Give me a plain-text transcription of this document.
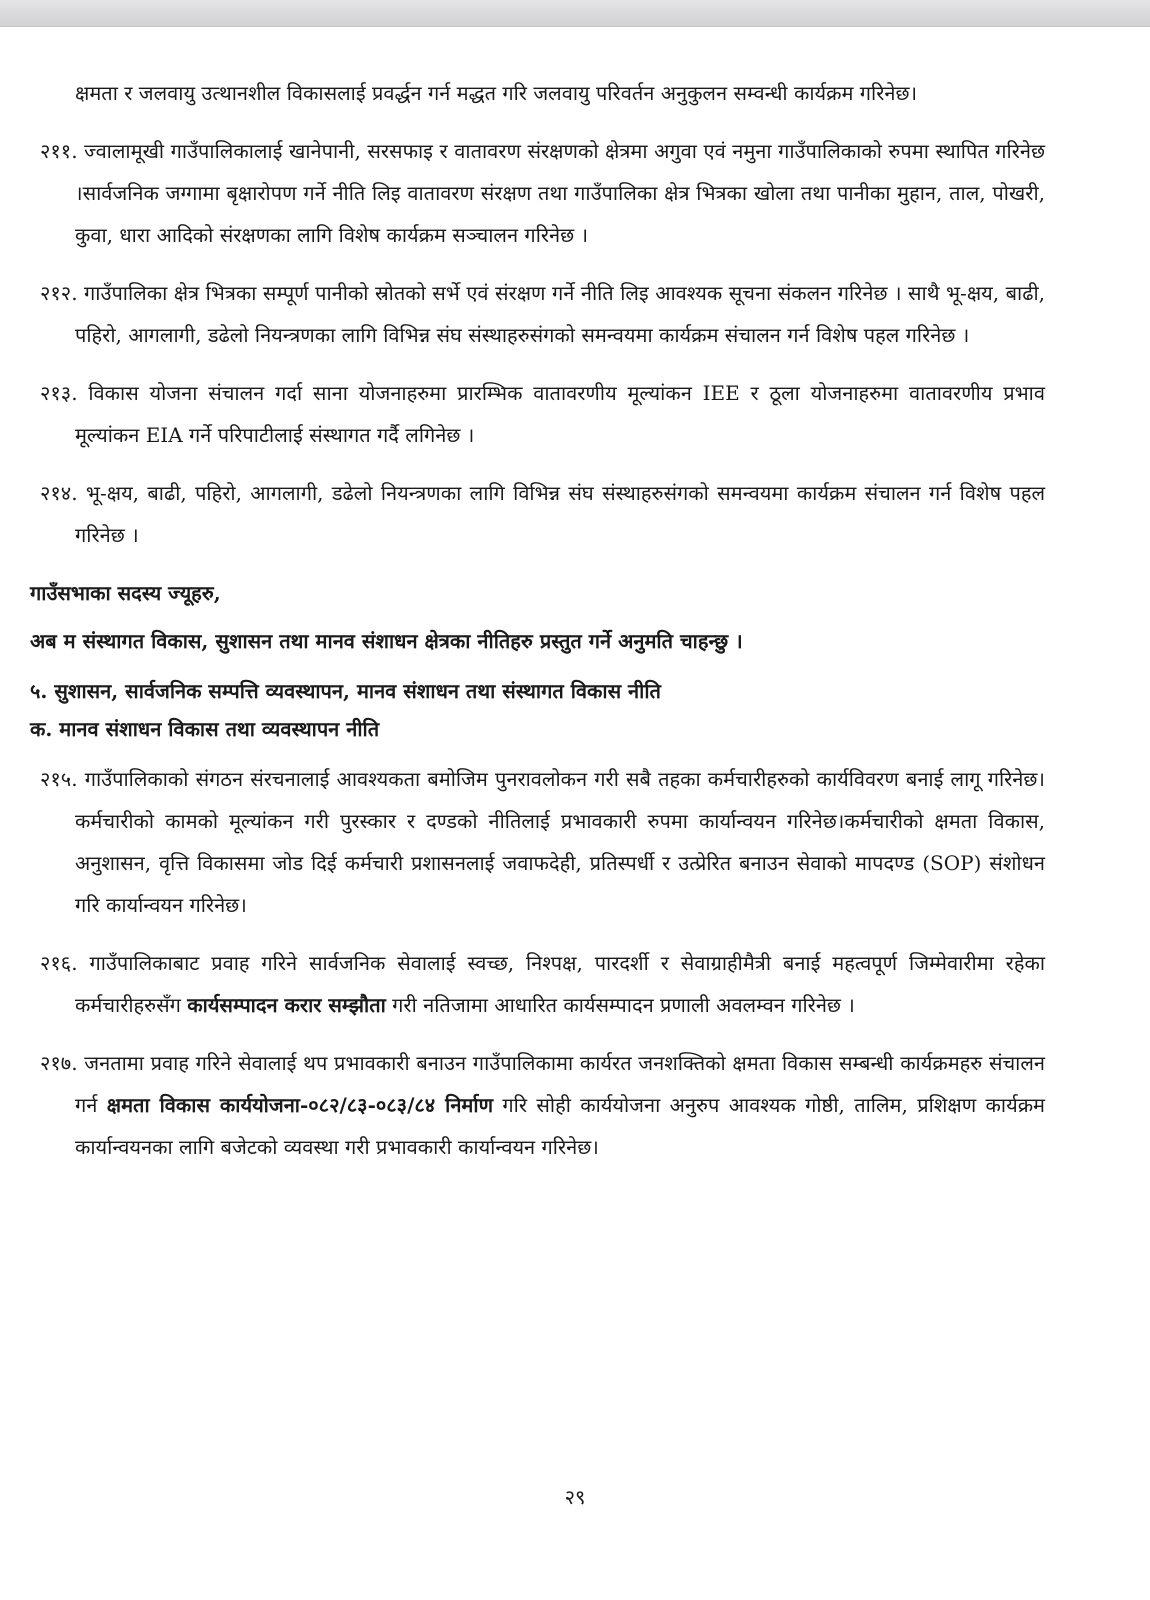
क्षमता र जलवायु उत्थानशील विकासलाई प्रवर्द्धन गर्न मद्धत गरि जलवायु परिवर्तन अनुकुलन सम्वन्धी कार्यक्रम गरिनेछ।

२११. ज्वालामूखी गाउँपालिकालाई खानेपानी, सरसफाइ र वातावरण संरक्षणको क्षेत्रमा अगुवा एवं नमुना गाउँपालिकाको रुपमा स्थापित गरिनेछ ।सार्वजनिक जग्गामा बृक्षारोपण गर्ने नीति लिइ वातावरण संरक्षण तथा गाउँपालिका क्षेत्र भित्रका खोला तथा पानीका मुहान, ताल, पोखरी, कुवा, धारा आदिको संरक्षणका लागि विशेष कार्यक्रम सञ्चालन गरिनेछ ।

२१२. गाउँपालिका क्षेत्र भित्रका सम्पूर्ण पानीको स्रोतको सर्भे एवं संरक्षण गर्ने नीति लिइ आवश्यक सूचना संकलन गरिनेछ । साथै भू-क्षय, बाढी, पहिरो, आगलागी, डढेलो नियन्त्रणका लागि विभिन्न संघ संस्थाहरुसंगको समन्वयमा कार्यक्रम संचालन गर्न विशेष पहल गरिनेछ ।

२१३. विकास योजना संचालन गर्दा साना योजनाहरुमा प्रारम्भिक वातावरणीय मूल्यांकन IEE र ठूला योजनाहरुमा वातावरणीय प्रभाव मूल्यांकन EIA गर्ने परिपाटीलाई संस्थागत गर्दै लगिनेछ ।

२१४. भू-क्षय, बाढी, पहिरो, आगलागी, डढेलो नियन्त्रणका लागि विभिन्न संघ संस्थाहरुसंगको समन्वयमा कार्यक्रम संचालन गर्न विशेष पहल गरिनेछ ।

गाउँसभाका सदस्य ज्यूहरु,

अब म संस्थागत विकास, सुशासन तथा मानव संशाधन क्षेत्रका नीतिहरु प्रस्तुत गर्ने अनुमति चाहन्छु ।

५. सुशासन, सार्वजनिक सम्पत्ति व्यवस्थापन, मानव संशाधन तथा संस्थागत विकास नीति

क. मानव संशाधन विकास तथा व्यवस्थापन नीति

२१५. गाउँपालिकाको संगठन संरचनालाई आवश्यकता बमोजिम पुनरावलोकन गरी सबै तहका कर्मचारीहरुको कार्यविवरण बनाई लागू गरिनेछ। कर्मचारीको कामको मूल्यांकन गरी पुरस्कार र दण्डको नीतिलाई प्रभावकारी रुपमा कार्यान्वयन गरिनेछ।कर्मचारीको क्षमता विकास, अनुशासन, वृत्ति विकासमा जोड दिई कर्मचारी प्रशासनलाई जवाफदेही, प्रतिस्पर्धी र उत्प्रेरित बनाउन सेवाको मापदण्ड (SOP) संशोधन गरि कार्यान्वयन गरिनेछ।

२१६. गाउँपालिकाबाट प्रवाह गरिने सार्वजनिक सेवालाई स्वच्छ, निश्पक्ष, पारदर्शी र सेवाग्राहीमैत्री बनाई महत्वपूर्ण जिम्मेवारीमा रहेका कर्मचारीहरुसँग कार्यसम्पादन करार सम्झौता गरी नतिजामा आधारित कार्यसम्पादन प्रणाली अवलम्वन गरिनेछ ।

२१७. जनतामा प्रवाह गरिने सेवालाई थप प्रभावकारी बनाउन गाउँपालिकामा कार्यरत जनशक्तिको क्षमता विकास सम्बन्धी कार्यक्रमहरु संचालन गर्न क्षमता विकास कार्ययोजना-०८२/८३-०८३/८४ निर्माण गरि सोही कार्ययोजना अनुरुप आवश्यक गोष्ठी, तालिम, प्रशिक्षण कार्यक्रम कार्यान्वयनका लागि बजेटको व्यवस्था गरी प्रभावकारी कार्यान्वयन गरिनेछ।

२९
